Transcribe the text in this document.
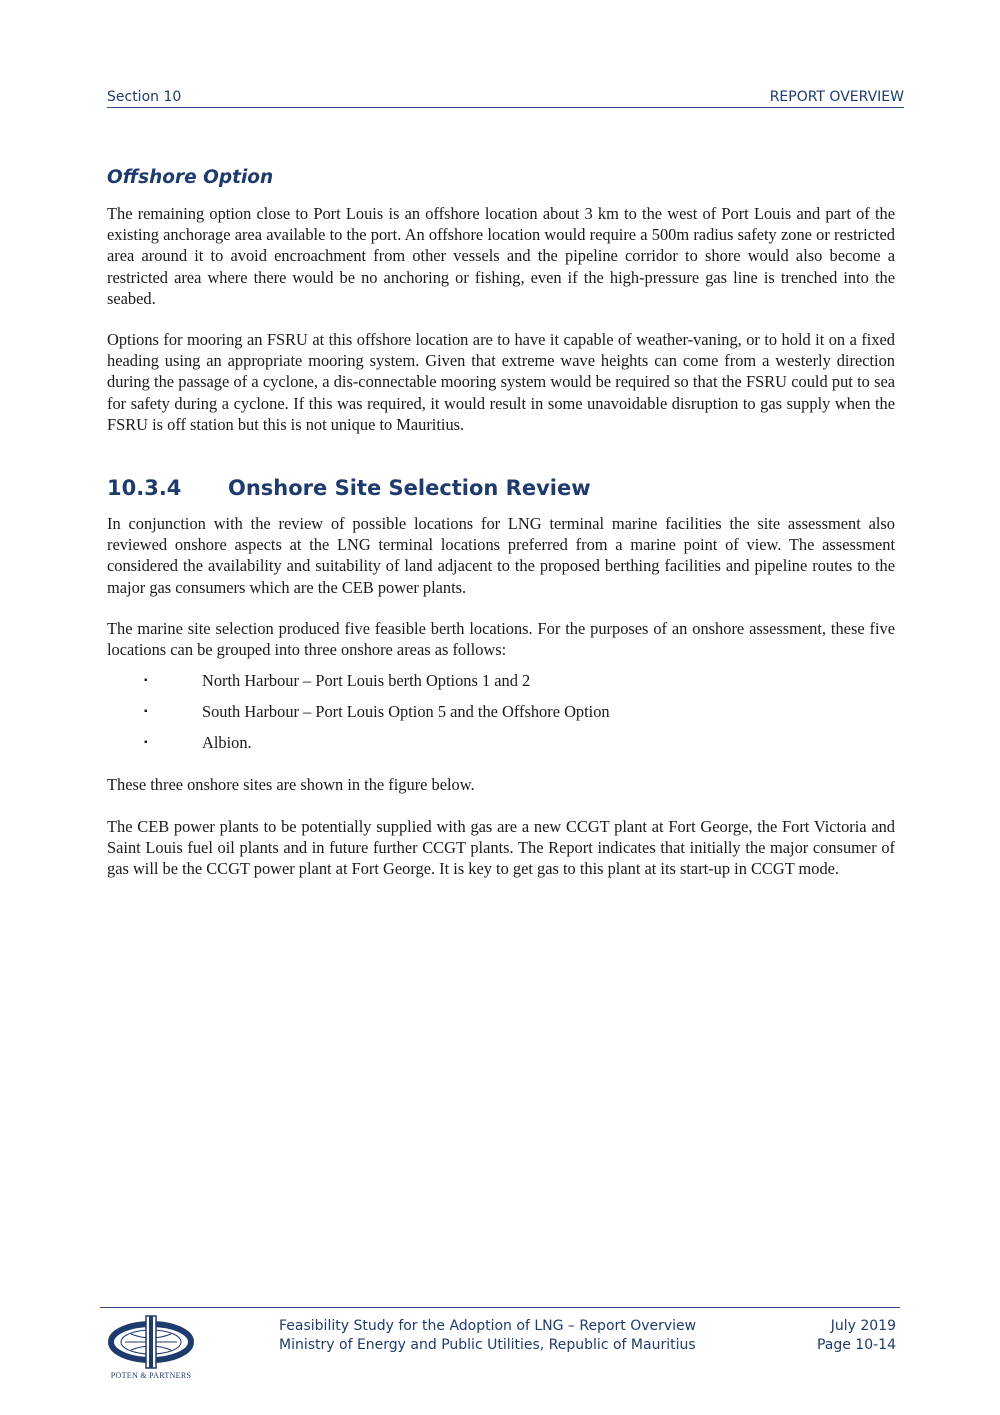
Section 10	REPORT OVERVIEW
Offshore Option

The remaining option close to Port Louis is an offshore location about 3 km to the west of Port Louis and part of the existing anchorage area available to the port. An offshore location would require a 500m radius safety zone or restricted area around it to avoid encroachment from other vessels and the pipeline corridor to shore would also become a restricted area where there would be no anchoring or fishing, even if the high-pressure gas line is trenched into the seabed.

Options for mooring an FSRU at this offshore location are to have it capable of weather-vaning, or to hold it on a fixed heading using an appropriate mooring system. Given that extreme wave heights can come from a westerly direction during the passage of a cyclone, a dis-connectable mooring system would be required so that the FSRU could put to sea for safety during a cyclone. If this was required, it would result in some unavoidable disruption to gas supply when the FSRU is off station but this is not unique to Mauritius.

10.3.4 Onshore Site Selection Review

In conjunction with the review of possible locations for LNG terminal marine facilities the site assessment also reviewed onshore aspects at the LNG terminal locations preferred from a marine point of view. The assessment considered the availability and suitability of land adjacent to the proposed berthing facilities and pipeline routes to the major gas consumers which are the CEB power plants.

The marine site selection produced five feasible berth locations. For the purposes of an onshore assessment, these five locations can be grouped into three onshore areas as follows:

▪	North Harbour – Port Louis berth Options 1 and 2
▪	South Harbour – Port Louis Option 5 and the Offshore Option
▪	Albion.

These three onshore sites are shown in the figure below.

The CEB power plants to be potentially supplied with gas are a new CCGT plant at Fort George, the Fort Victoria and Saint Louis fuel oil plants and in future further CCGT plants. The Report indicates that initially the major consumer of gas will be the CCGT power plant at Fort George. It is key to get gas to this plant at its start-up in CCGT mode.

POTEN & PARTNERS
Feasibility Study for the Adoption of LNG – Report Overview
Ministry of Energy and Public Utilities, Republic of Mauritius
July 2019
Page 10-14
